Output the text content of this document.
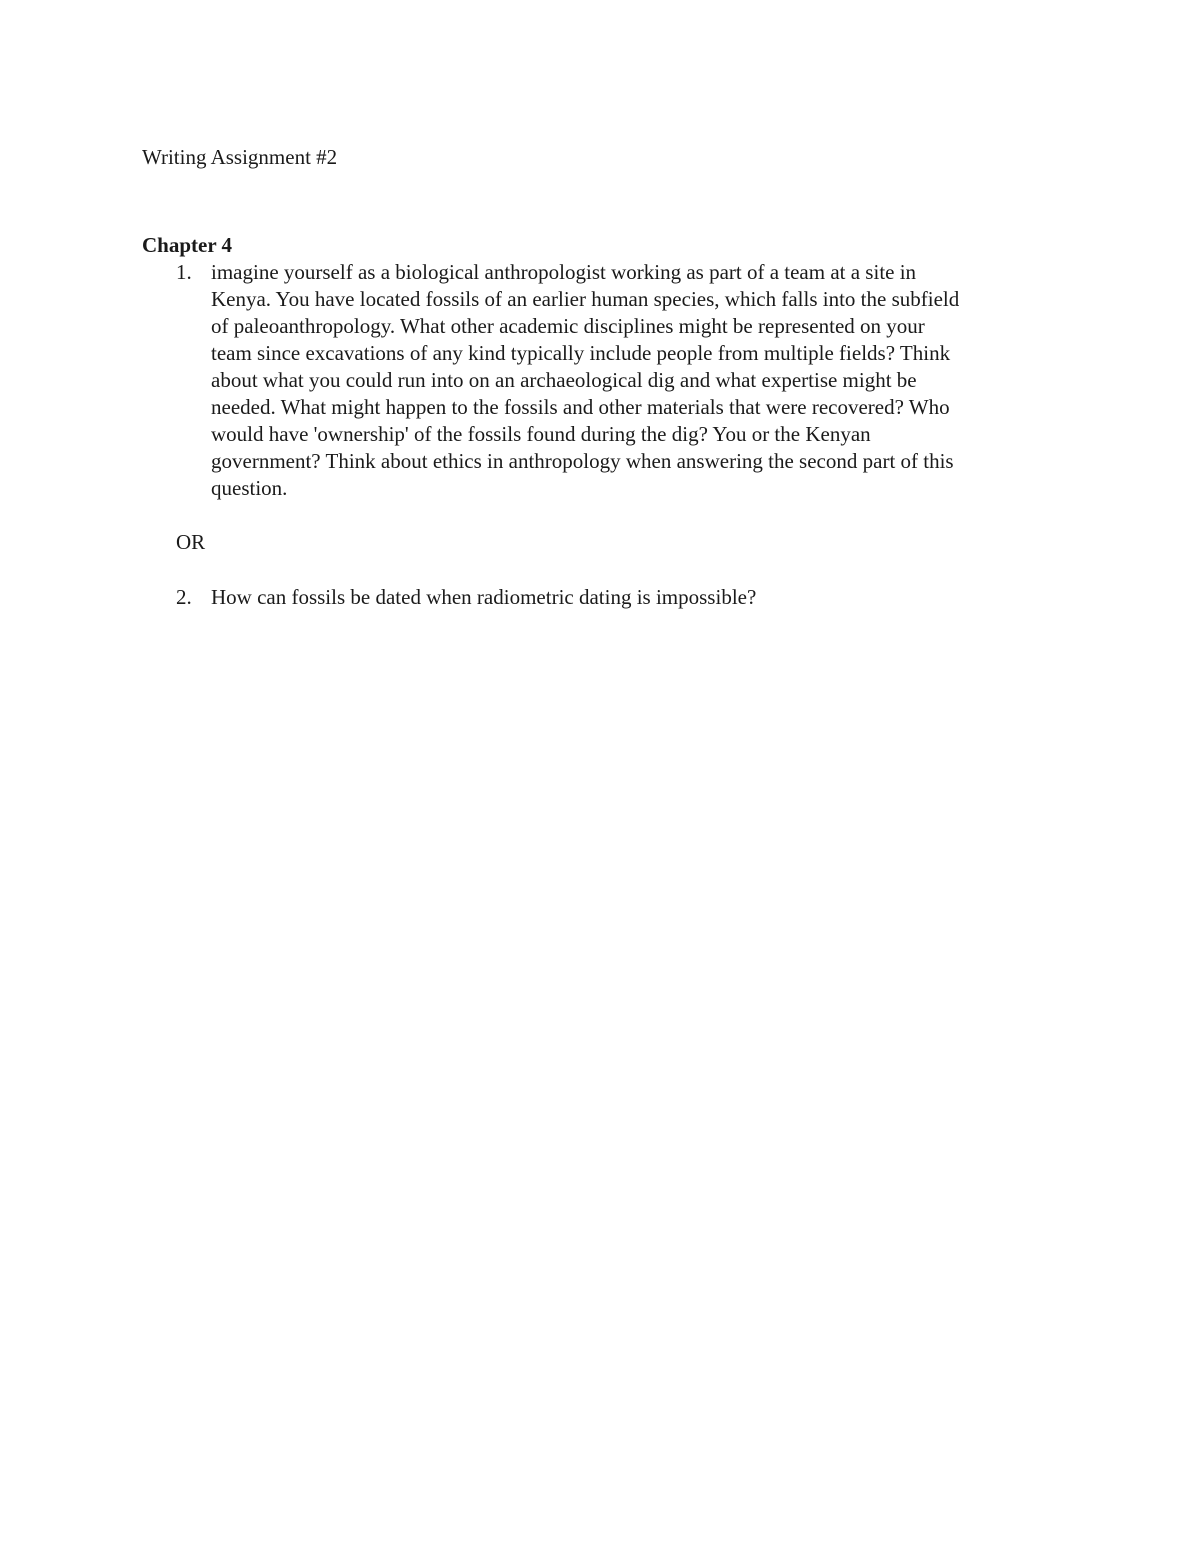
Writing Assignment #2
Chapter 4
1. imagine yourself as a biological anthropologist working as part of a team at a site in
Kenya. You have located fossils of an earlier human species, which falls into the subfield
of paleoanthropology. What other academic disciplines might be represented on your
team since excavations of any kind typically include people from multiple fields? Think
about what you could run into on an archaeological dig and what expertise might be
needed. What might happen to the fossils and other materials that were recovered? Who
would have 'ownership' of the fossils found during the dig? You or the Kenyan
government? Think about ethics in anthropology when answering the second part of this
question.
OR
2. How can fossils be dated when radiometric dating is impossible?
